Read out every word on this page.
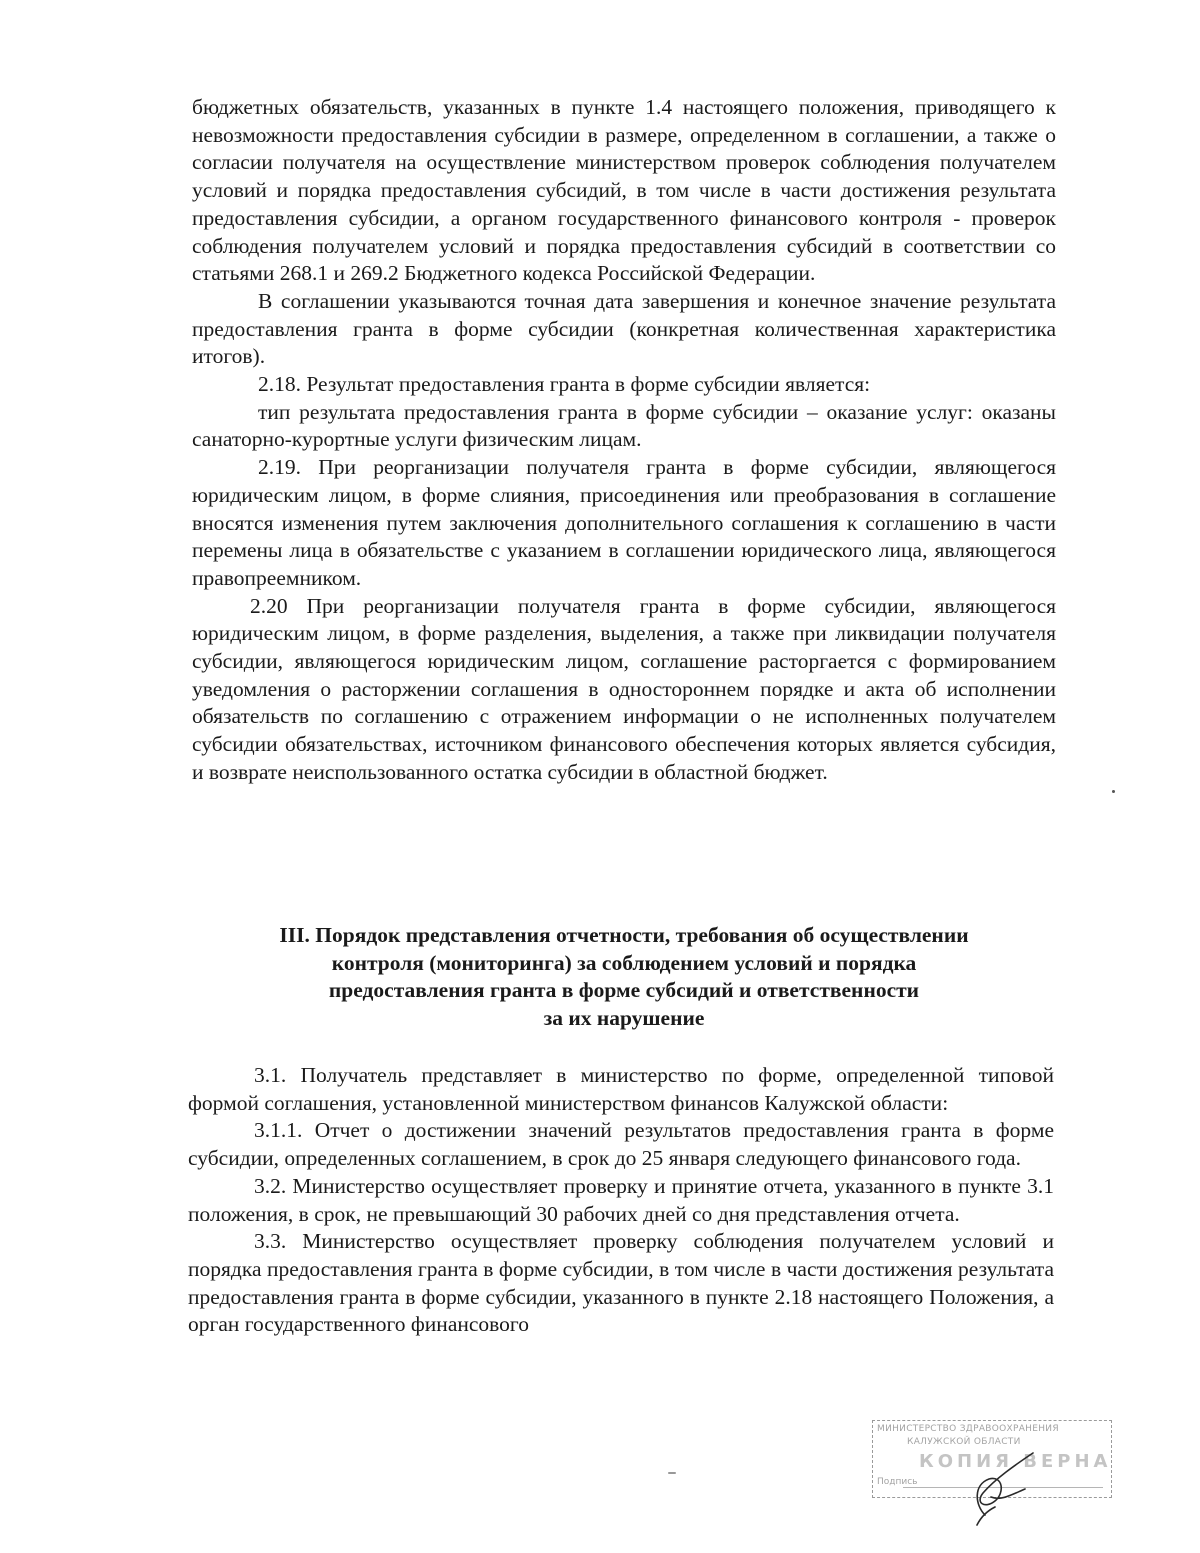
бюджетных обязательств, указанных в пункте 1.4 настоящего положения, приводящего к невозможности предоставления субсидии в размере, определенном в соглашении, а также о согласии получателя на осуществление министерством проверок соблюдения получателем условий и порядка предоставления субсидий, в том числе в части достижения результата предоставления субсидии, а органом государственного финансового контроля - проверок соблюдения получателем условий и порядка предоставления субсидий в соответствии со статьями 268.1 и 269.2 Бюджетного кодекса Российской Федерации.

В соглашении указываются точная дата завершения и конечное значение результата предоставления гранта в форме субсидии (конкретная количественная характеристика итогов).

2.18. Результат предоставления гранта в форме субсидии является:

тип результата предоставления гранта в форме субсидии – оказание услуг: оказаны санаторно-курортные услуги физическим лицам.

2.19. При реорганизации получателя гранта в форме субсидии, являющегося юридическим лицом, в форме слияния, присоединения или преобразования в соглашение вносятся изменения путем заключения дополнительного соглашения к соглашению в части перемены лица в обязательстве с указанием в соглашении юридического лица, являющегося правопреемником.

2.20 При реорганизации получателя гранта в форме субсидии, являющегося юридическим лицом, в форме разделения, выделения, а также при ликвидации получателя субсидии, являющегося юридическим лицом, соглашение расторгается с формированием уведомления о расторжении соглашения в одностороннем порядке и акта об исполнении обязательств по соглашению с отражением информации о не исполненных получателем субсидии обязательствах, источником финансового обеспечения которых является субсидия, и возврате неиспользованного остатка субсидии в областной бюджет.

III. Порядок представления отчетности, требования об осуществлении
контроля (мониторинга) за соблюдением условий и порядка
предоставления гранта в форме субсидий и ответственности
за их нарушение

3.1. Получатель представляет в министерство по форме, определенной типовой формой соглашения, установленной министерством финансов Калужской области:

3.1.1. Отчет о достижении значений результатов предоставления гранта в форме субсидии, определенных соглашением, в срок до 25 января следующего финансового года.

3.2. Министерство осуществляет проверку и принятие отчета, указанного в пункте 3.1 положения, в срок, не превышающий 30 рабочих дней со дня представления отчета.

3.3. Министерство осуществляет проверку соблюдения получателем условий и порядка предоставления гранта в форме субсидии, в том числе в части достижения результата предоставления гранта в форме субсидии, указанного в пункте 2.18 настоящего Положения, а орган государственного финансового

МИНИСТЕРСТВО ЗДРАВООХРАНЕНИЯ
КАЛУЖСКОЙ ОБЛАСТИ
КОПИЯ ВЕРНА
Подпись
